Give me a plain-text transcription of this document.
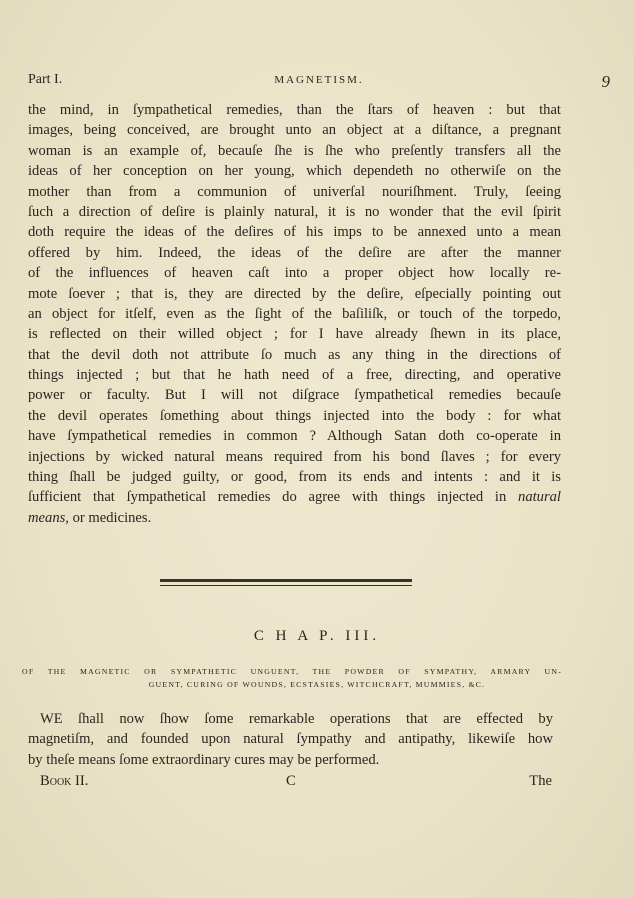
Part I.	MAGNETISM.	9
the mind, in ſympathetical remedies, than the ſtars of heaven : but that
images, being conceived, are brought unto an object at a diſtance, a pregnant
woman is an example of, becauſe ſhe is ſhe who preſently transfers all the
ideas of her conception on her young, which dependeth no otherwiſe on the
mother than from a communion of univerſal nouriſhment. Truly, ſeeing
ſuch a direction of deſire is plainly natural, it is no wonder that the evil ſpirit
doth require the ideas of the deſires of his imps to be annexed unto a mean
offered by him. Indeed, the ideas of the deſire are after the manner
of the influences of heaven caſt into a proper object how locally re-
mote ſoever ; that is, they are directed by the deſire, eſpecially pointing out
an object for itſelf, even as the ſight of the baſiliſk, or touch of the torpedo,
is reflected on their willed object ; for I have already ſhewn in its place,
that the devil doth not attribute ſo much as any thing in the directions of
things injected ; but that he hath need of a free, directing, and operative
power or faculty. But I will not diſgrace ſympathetical remedies becauſe
the devil operates ſomething about things injected into the body : for what
have ſympathetical remedies in common ? Although Satan doth co-operate in
injections by wicked natural means required from his bond ſlaves ; for every
thing ſhall be judged guilty, or good, from its ends and intents : and it is
ſufficient that ſympathetical remedies do agree with things injected in natural
means, or medicines.
C H A P. III.
OF THE MAGNETIC OR SYMPATHETIC UNGUENT, THE POWDER OF SYMPATHY, ARMARY UN-
GUENT, CURING OF WOUNDS, ECSTASIES, WITCHCRAFT, MUMMIES, &C.
WE ſhall now ſhow ſome remarkable operations that are effected by
magnetiſm, and founded upon natural ſympathy and antipathy, likewiſe how
by theſe means ſome extraordinary cures may be performed.
Book II.	C	The
